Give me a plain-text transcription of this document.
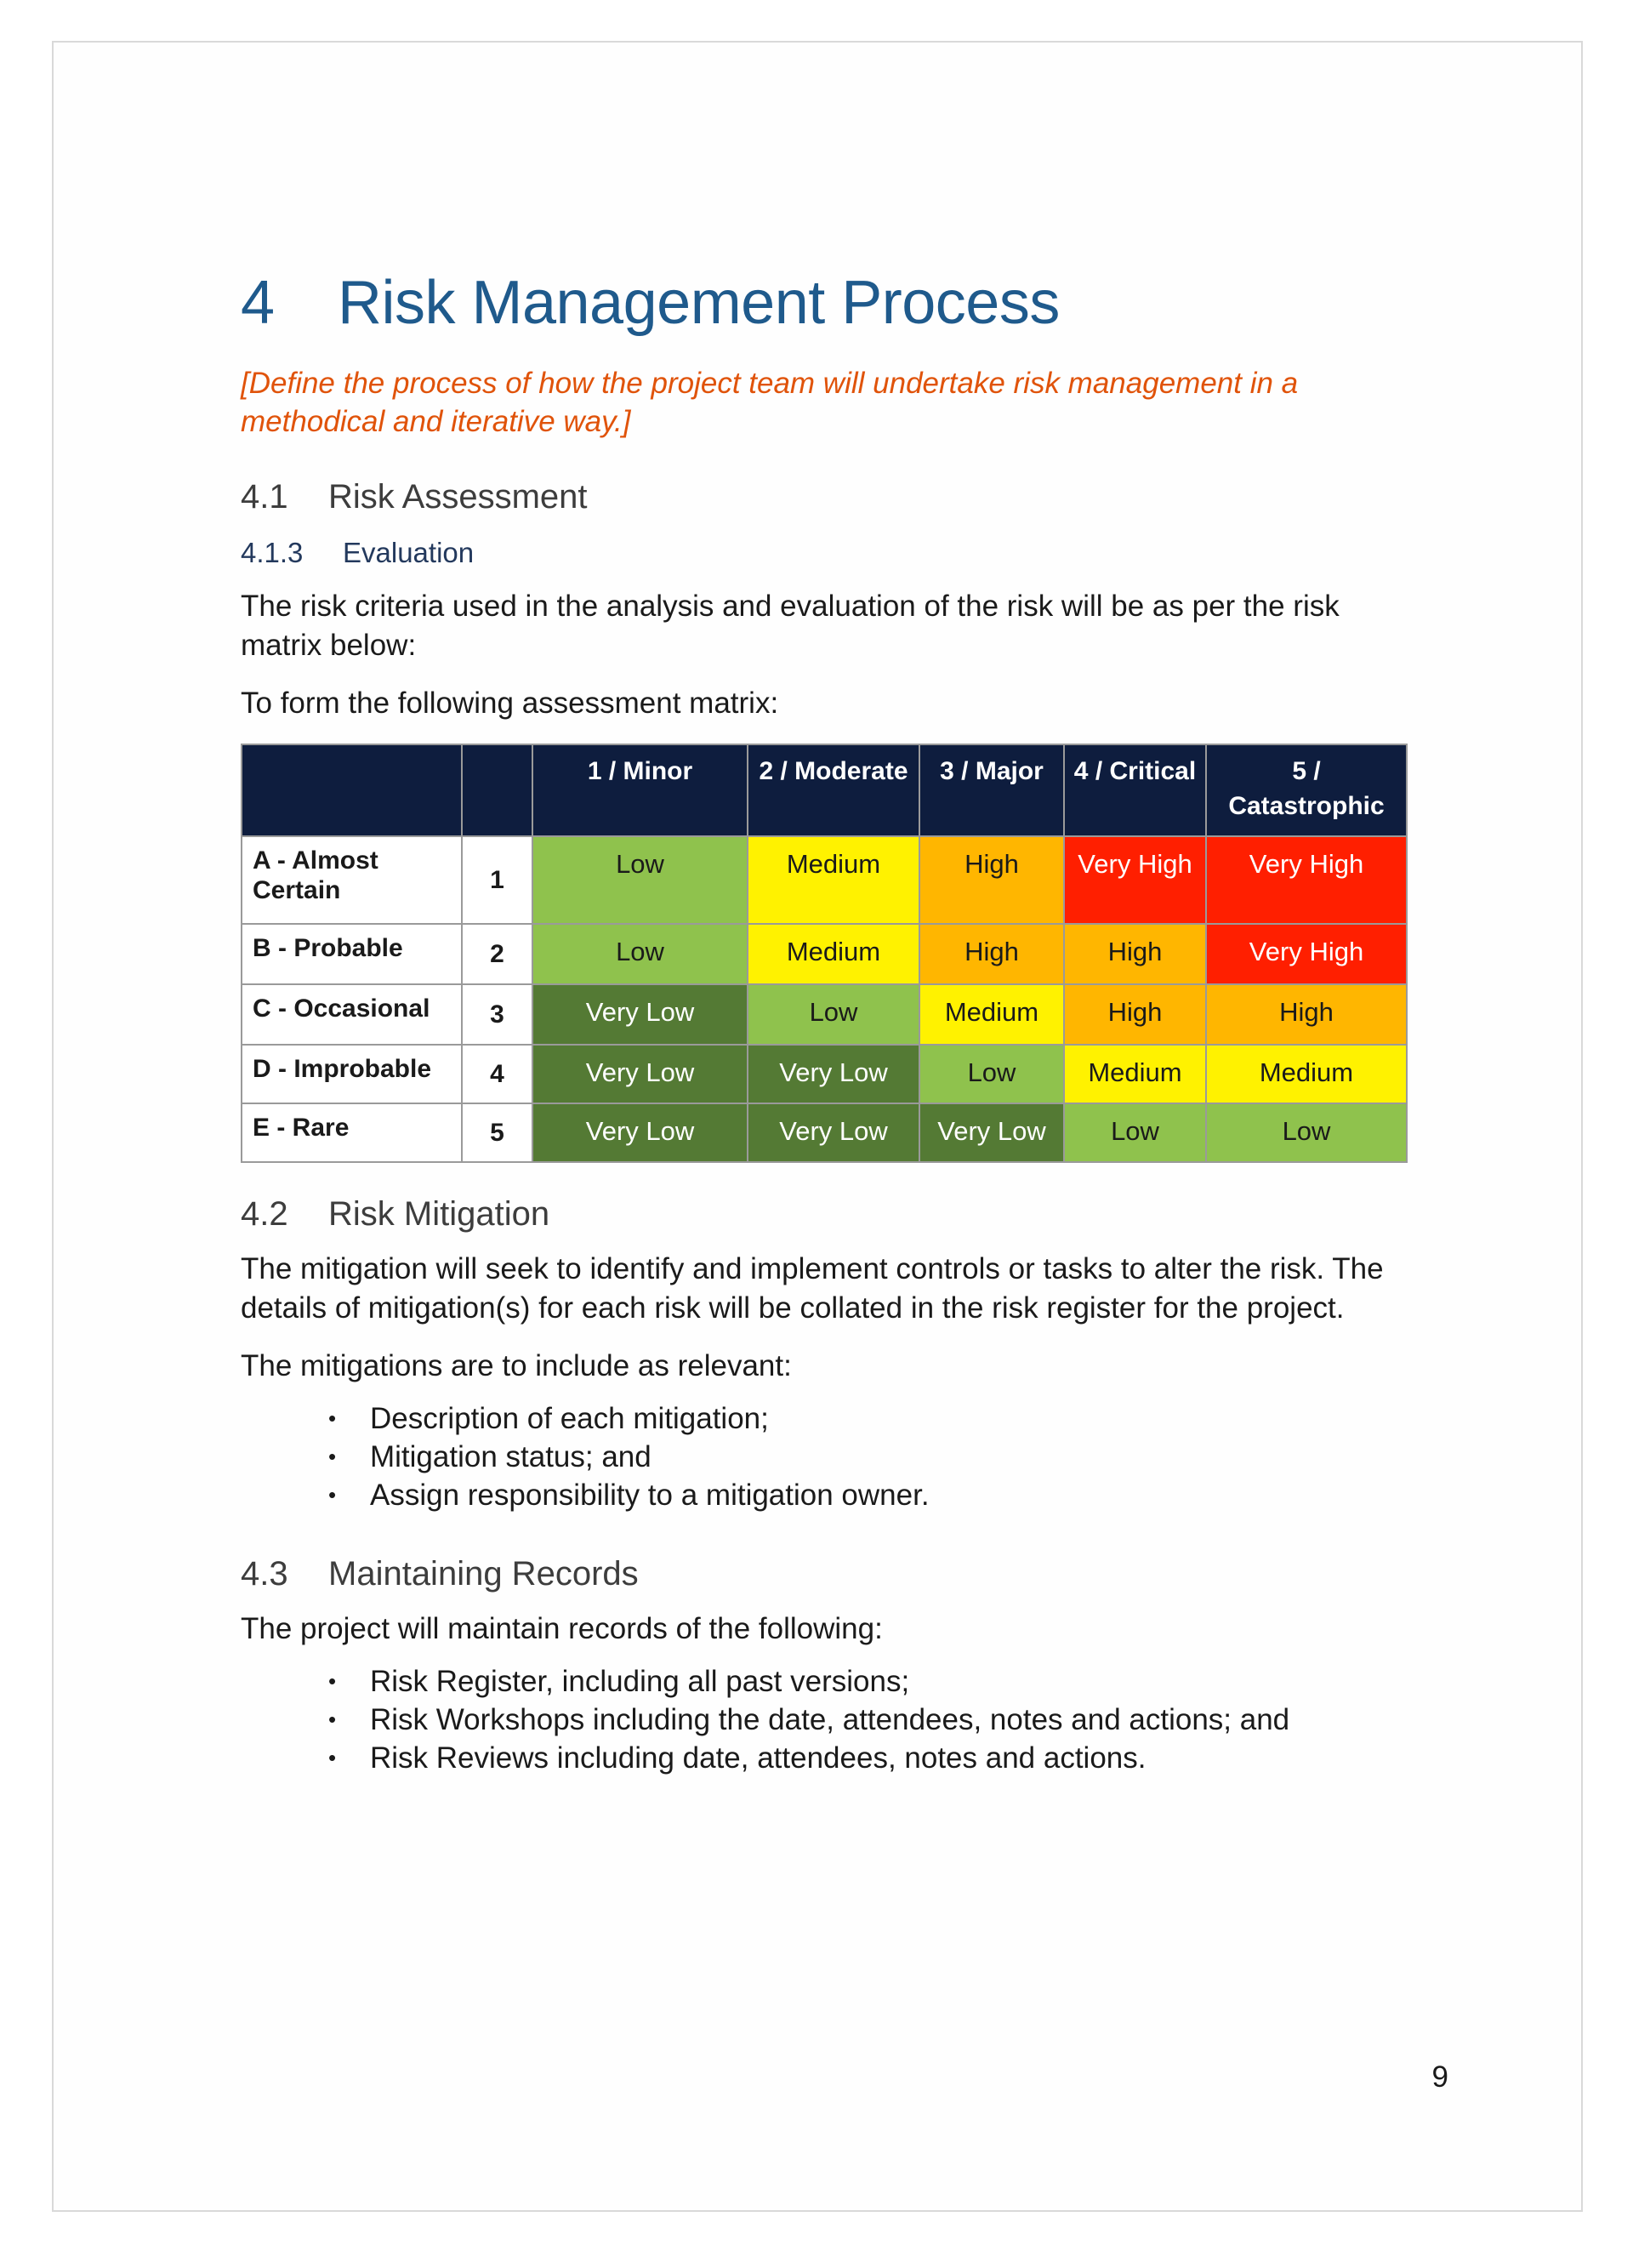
4 Risk Management Process

[Define the process of how the project team will undertake risk management in a methodical and iterative way.]

4.1 Risk Assessment
4.1.3 Evaluation

The risk criteria used in the analysis and evaluation of the risk will be as per the risk matrix below:

To form the following assessment matrix:

		1 / Minor	2 / Moderate	3 / Major	4 / Critical	5 / Catastrophic
A - Almost Certain	1	Low	Medium	High	Very High	Very High
B - Probable	2	Low	Medium	High	High	Very High
C - Occasional	3	Very Low	Low	Medium	High	High
D - Improbable	4	Very Low	Very Low	Low	Medium	Medium
E - Rare	5	Very Low	Very Low	Very Low	Low	Low
4.2 Risk Mitigation

The mitigation will seek to identify and implement controls or tasks to alter the risk. The details of mitigation(s) for each risk will be collated in the risk register for the project.

The mitigations are to include as relevant:

• Description of each mitigation;
• Mitigation status; and
• Assign responsibility to a mitigation owner.
4.3 Maintaining Records

The project will maintain records of the following:

• Risk Register, including all past versions;
• Risk Workshops including the date, attendees, notes and actions; and
• Risk Reviews including date, attendees, notes and actions.
9
